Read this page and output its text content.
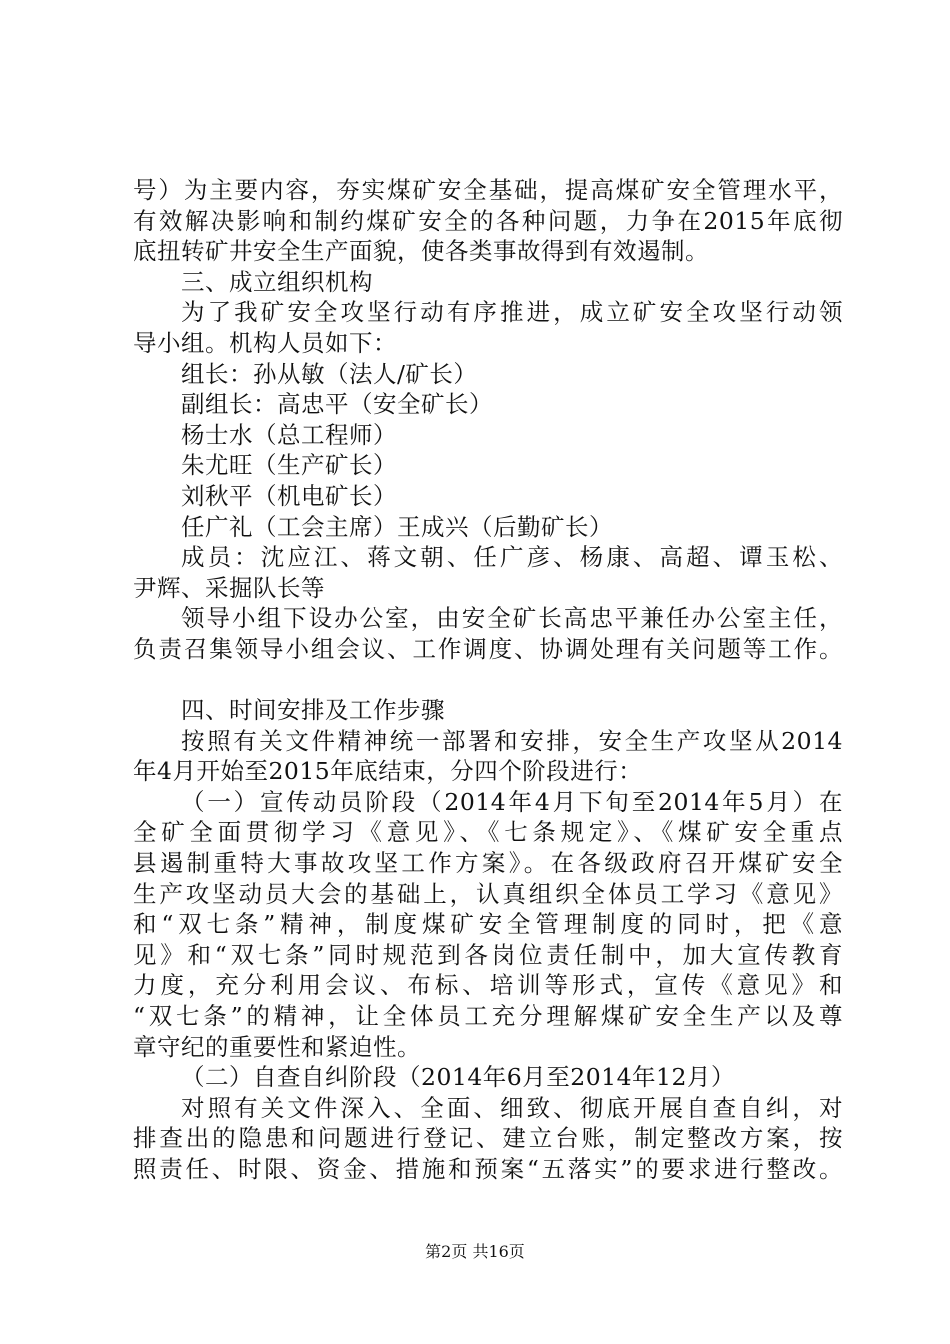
号）为主要内容，夯实煤矿安全基础，提高煤矿安全管理水平，
有效解决影响和制约煤矿安全的各种问题，力争在2015年底彻
底扭转矿井安全生产面貌，使各类事故得到有效遏制。
三、成立组织机构
为了我矿安全攻坚行动有序推进，成立矿安全攻坚行动领
导小组。机构人员如下：
组长：孙从敏（法人/矿长）
副组长：高忠平（安全矿长）
杨士水（总工程师）
朱尤旺（生产矿长）
刘秋平（机电矿长）
任广礼（工会主席）王成兴（后勤矿长）
成员：沈应江、蒋文朝、任广彦、杨康、高超、谭玉松、
尹辉、采掘队长等
领导小组下设办公室，由安全矿长高忠平兼任办公室主任，
负责召集领导小组会议、工作调度、协调处理有关问题等工作。
四、时间安排及工作步骤
按照有关文件精神统一部署和安排，安全生产攻坚从2014
年4月开始至2015年底结束，分四个阶段进行：
（一）宣传动员阶段（2014年4月下旬至2014年5月）在
全矿全面贯彻学习《意见》、《七条规定》、《煤矿安全重点
县遏制重特大事故攻坚工作方案》。在各级政府召开煤矿安全
生产攻坚动员大会的基础上，认真组织全体员工学习《意见》
和“双七条”精神，制度煤矿安全管理制度的同时，把《意
见》和“双七条”同时规范到各岗位责任制中，加大宣传教育
力度，充分利用会议、布标、培训等形式，宣传《意见》和
“双七条”的精神，让全体员工充分理解煤矿安全生产以及尊
章守纪的重要性和紧迫性。
（二）自查自纠阶段（2014年6月至2014年12月）
对照有关文件深入、全面、细致、彻底开展自查自纠，对
排查出的隐患和问题进行登记、建立台账，制定整改方案，按
照责任、时限、资金、措施和预案“五落实”的要求进行整改。
第2页 共16页
